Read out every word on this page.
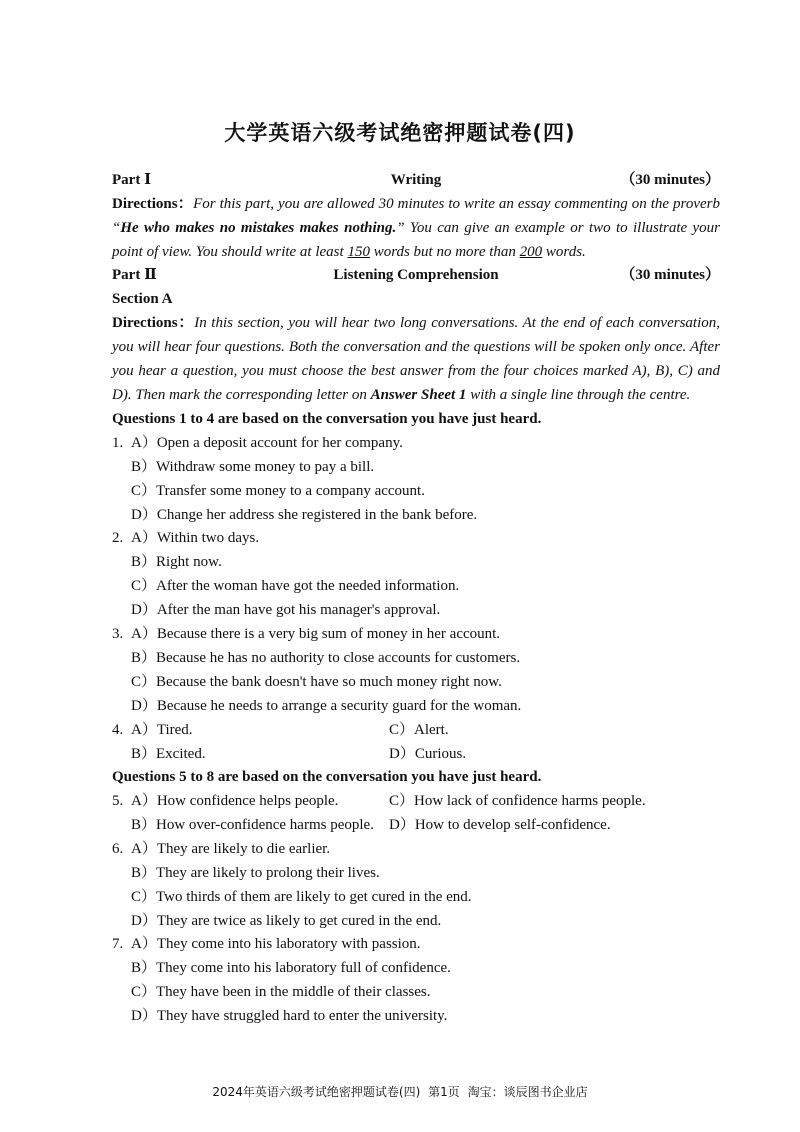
大学英语六级考试绝密押题试卷(四)
Part Ⅰ	Writing	（30 minutes）
Directions：For this part, you are allowed 30 minutes to write an essay commenting on the proverb
“He who makes no mistakes makes nothing.” You can give an example or two to illustrate your
point of view. You should write at least 150 words but no more than 200 words.
Part Ⅱ	Listening Comprehension	（30 minutes）
Section A
Directions：In this section, you will hear two long conversations. At the end of each conversation,
you will hear four questions. Both the conversation and the questions will be spoken only once. After
you hear a question, you must choose the best answer from the four choices marked A), B), C) and
D). Then mark the corresponding letter on Answer Sheet 1 with a single line through the centre.
Questions 1 to 4 are based on the conversation you have just heard.
1. A）Open a deposit account for her company.
B）Withdraw some money to pay a bill.
C）Transfer some money to a company account.
D）Change her address she registered in the bank before.
2. A）Within two days.
B）Right now.
C）After the woman have got the needed information.
D）After the man have got his manager's approval.
3. A）Because there is a very big sum of money in her account.
B）Because he has no authority to close accounts for customers.
C）Because the bank doesn't have so much money right now.
D）Because he needs to arrange a security guard for the woman.
4. A）Tired.	C）Alert.
B）Excited.	D）Curious.
Questions 5 to 8 are based on the conversation you have just heard.
5. A）How confidence helps people.	C）How lack of confidence harms people.
B）How over-confidence harms people. D）How to develop self-confidence.
6. A）They are likely to die earlier.
B）They are likely to prolong their lives.
C）Two thirds of them are likely to get cured in the end.
D）They are twice as likely to get cured in the end.
7. A）They come into his laboratory with passion.
B）They come into his laboratory full of confidence.
C）They have been in the middle of their classes.
D）They have struggled hard to enter the university.
2024年英语六级考试绝密押题试卷(四) 第1页 淘宝：谈辰图书企业店
